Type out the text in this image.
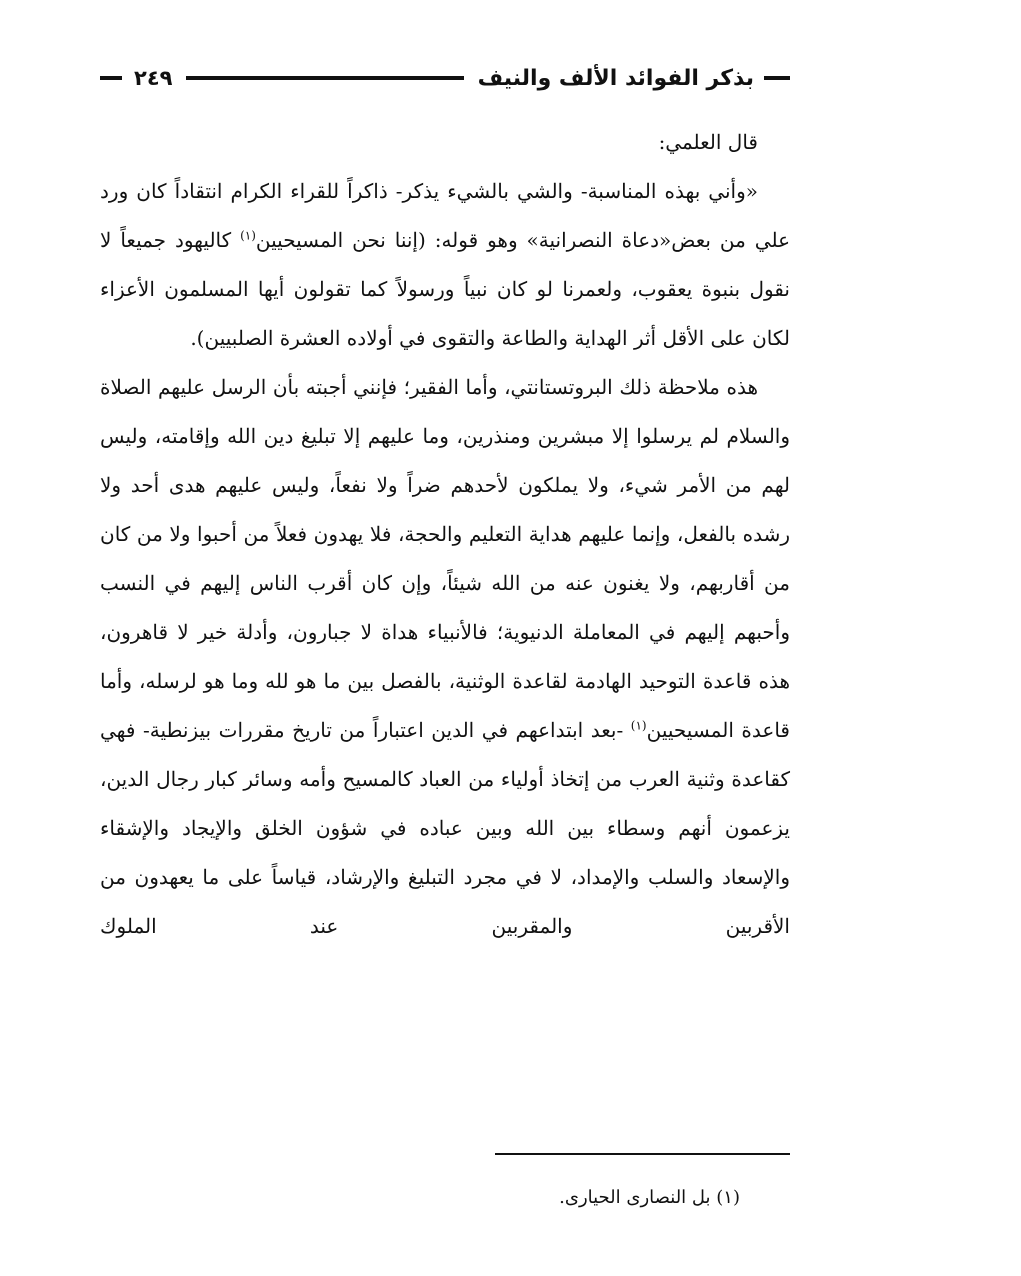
بذكر الفوائد الألف والنيف
٢٤٩

قال العلمي:

«وأني بهذه المناسبة- والشي بالشيء يذكر- ذاكراً للقراء الكرام انتقاداً كان ورد علي من بعض«دعاة النصرانية» وهو قوله: (إننا نحن المسيحيين$^{(١)}$ كاليهود جميعاً لا نقول بنبوة يعقوب، ولعمرنا لو كان نبياً ورسولاً كما تقولون أيها المسلمون الأعزاء لكان على الأقل أثر الهداية والطاعة والتقوى في أولاده العشرة الصلبيين).

هذه ملاحظة ذلك البروتستانتي، وأما الفقير؛ فإنني أجبته بأن الرسل عليهم الصلاة والسلام لم يرسلوا إلا مبشرين ومنذرين، وما عليهم إلا تبليغ دين الله وإقامته، وليس لهم من الأمر شيء، ولا يملكون لأحدهم ضراً ولا نفعاً، وليس عليهم هدى أحد ولا رشده بالفعل، وإنما عليهم هداية التعليم والحجة، فلا يهدون فعلاً من أحبوا ولا من كان من أقاربهم، ولا يغنون عنه من الله شيئاً، وإن كان أقرب الناس إليهم في النسب وأحبهم إليهم في المعاملة الدنيوية؛ فالأنبياء هداة لا جبارون، وأدلة خير لا قاهرون، هذه قاعدة التوحيد الهادمة لقاعدة الوثنية، بالفصل بين ما هو لله وما هو لرسله، وأما قاعدة المسيحيين$^{(١)}$ -بعد ابتداعهم في الدين اعتباراً من تاريخ مقررات بيزنطية- فهي كقاعدة وثنية العرب من إتخاذ أولياء من العباد كالمسيح وأمه وسائر كبار رجال الدين، يزعمون أنهم وسطاء بين الله وبين عباده في شؤون الخلق والإيجاد والإشقاء والإسعاد والسلب والإمداد، لا في مجرد التبليغ والإرشاد، قياساً على ما يعهدون من الأقربين والمقربين عند الملوك

(١) بل النصارى الحيارى.
